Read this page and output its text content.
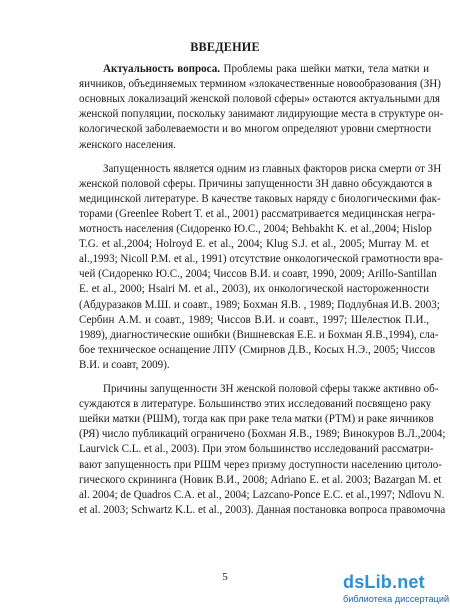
ВВЕДЕНИЕ
Актуальность вопроса. Проблемы рака шейки матки, тела матки и
яичников, объединяемых термином «злокачественные новообразования (ЗН)
основных локализаций женской половой сферы» остаются актуальными для
женской популяции, поскольку занимают лидирующие места в структуре он-
кологической заболеваемости и во многом определяют уровни смертности
женского населения.
Запущенность является одним из главных факторов риска смерти от ЗН
женской половой сферы. Причины запущенности ЗН давно обсуждаются в
медицинской литературе. В качестве таковых наряду с биологическими фак-
торами (Greenlee Robert T. et al., 2001) рассматривается медицинская негра-
мотность населения (Сидоренко Ю.С., 2004; Behbakht K. et al.,2004; Hislop
T.G. et al.,2004; Holroyd E. et al., 2004; Klug S.J. et al., 2005; Murray M. et
al.,1993; Nicoll P.M. et al., 1991) отсутствие онкологической грамотности вра-
чей (Сидоренко Ю.С., 2004; Чиссов В.И. и соавт, 1990, 2009; Arillo-Santillan
E. et al., 2000; Hsairi M. et al., 2003), их онкологической настороженности
(Абдуразаков М.Ш. и соавт., 1989; Бохман Я.В. , 1989; Подлубная И.В. 2003;
Сербин А.М. и соавт., 1989; Чиссов В.И. и соавт., 1997; Шелестюк П.И.,
1989), диагностические ошибки (Вишневская Е.Е. и Бохман Я.В.,1994), сла-
бое техническое оснащение ЛПУ (Смирнов Д.В., Косых Н.Э., 2005; Чиссов
В.И. и соавт, 2009).
Причины запущенности ЗН женской половой сферы также активно об-
суждаются в литературе. Большинство этих исследований посвящено раку
шейки матки (РШМ), тогда как при раке тела матки (РТМ) и раке яичников
(РЯ) число публикаций ограничено (Бохман Я.В., 1989; Винокуров В.Л.,2004;
Laurvick C.L. et al., 2003). При этом большинство исследований рассматри-
вают запущенность при РШМ через призму доступности населению цитоло-
гического скрининга (Новик В.И., 2008; Adriano E. et al. 2003; Bazargan M. et
al. 2004; de Quadros C.A. et al., 2004; Lazcano-Ponce E.C. et al.,1997; Ndlovu N.
et al. 2003; Schwartz K.L. et al., 2003). Данная постановка вопроса правомочна
5	dsLib.net
библиотека диссертаций
